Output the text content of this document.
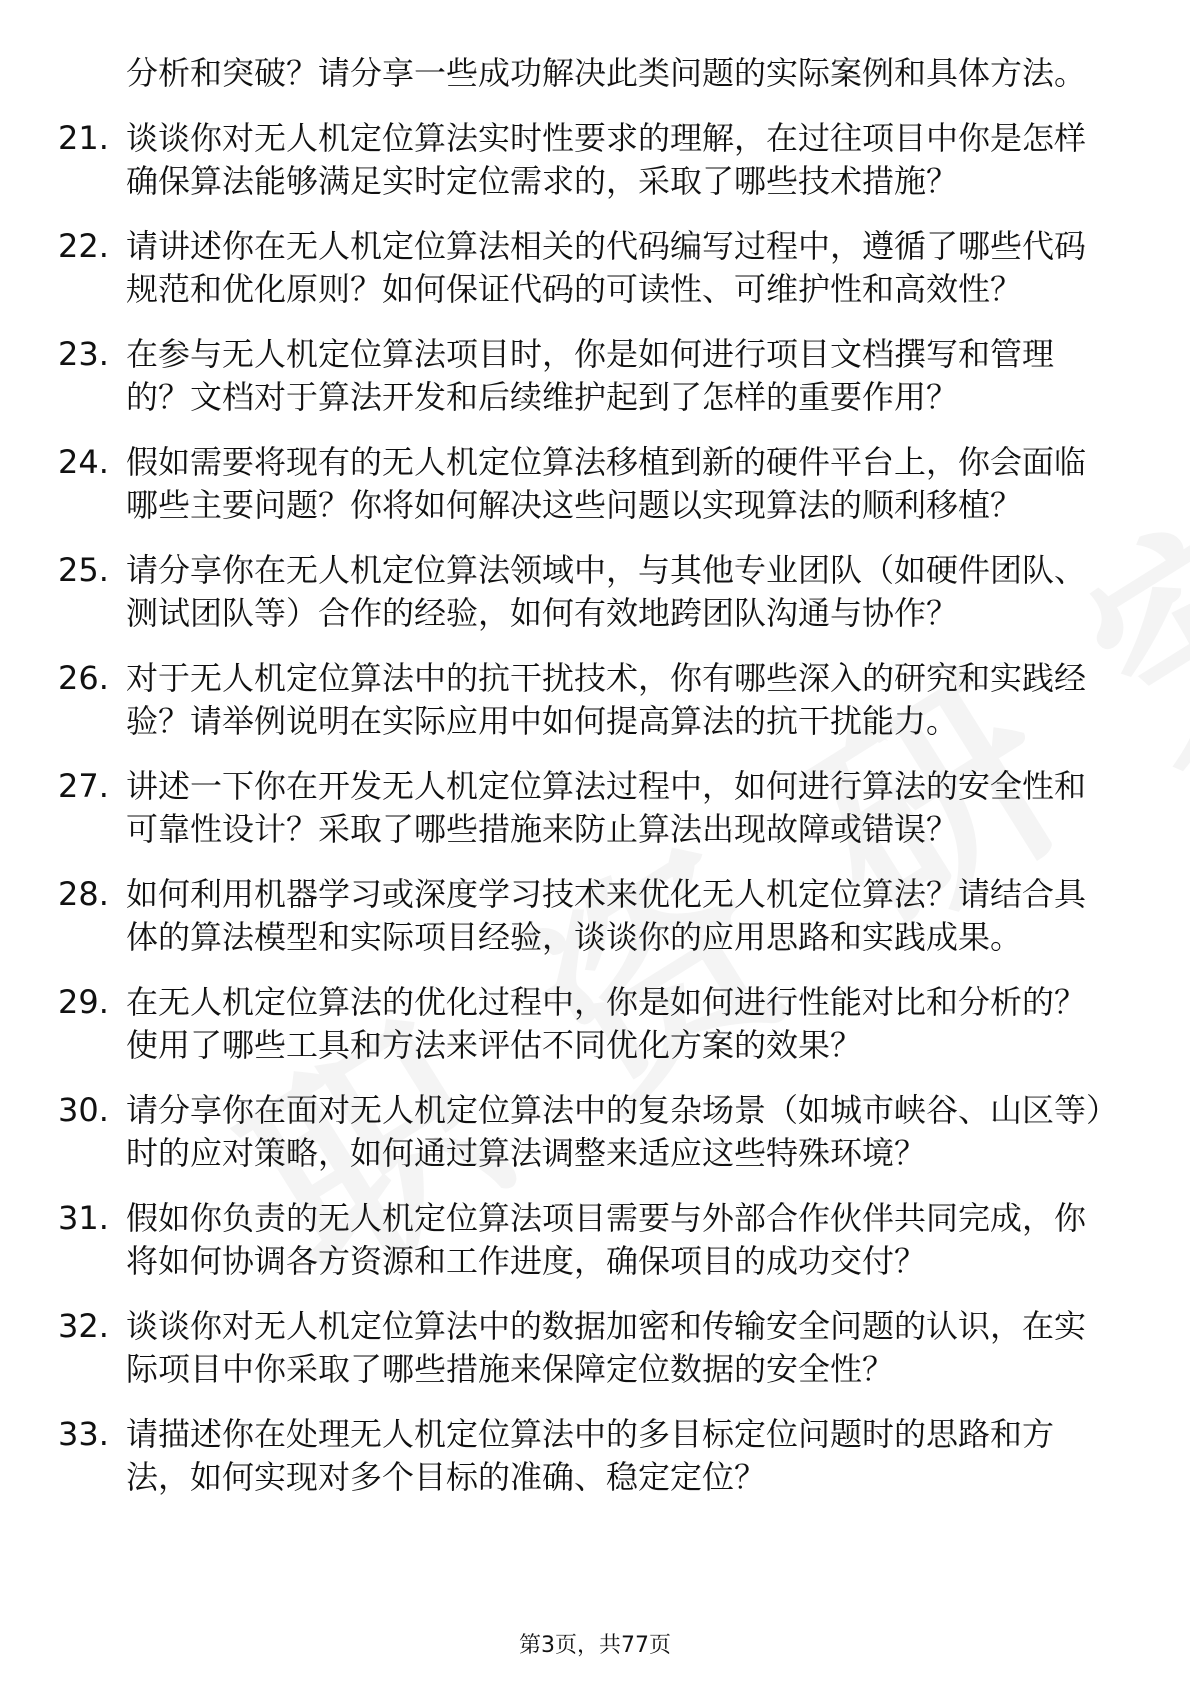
分析和突破？请分享一些成功解决此类问题的实际案例和具体方法。
21. 谈谈你对无人机定位算法实时性要求的理解，在过往项目中你是怎样确保算法能够满足实时定位需求的，采取了哪些技术措施？
22. 请讲述你在无人机定位算法相关的代码编写过程中，遵循了哪些代码规范和优化原则？如何保证代码的可读性、可维护性和高效性？
23. 在参与无人机定位算法项目时，你是如何进行项目文档撰写和管理的？文档对于算法开发和后续维护起到了怎样的重要作用？
24. 假如需要将现有的无人机定位算法移植到新的硬件平台上，你会面临哪些主要问题？你将如何解决这些问题以实现算法的顺利移植？
25. 请分享你在无人机定位算法领域中，与其他专业团队（如硬件团队、测试团队等）合作的经验，如何有效地跨团队沟通与协作？
26. 对于无人机定位算法中的抗干扰技术，你有哪些深入的研究和实践经验？请举例说明在实际应用中如何提高算法的抗干扰能力。
27. 讲述一下你在开发无人机定位算法过程中，如何进行算法的安全性和可靠性设计？采取了哪些措施来防止算法出现故障或错误？
28. 如何利用机器学习或深度学习技术来优化无人机定位算法？请结合具体的算法模型和实际项目经验，谈谈你的应用思路和实践成果。
29. 在无人机定位算法的优化过程中，你是如何进行性能对比和分析的？使用了哪些工具和方法来评估不同优化方案的效果？
30. 请分享你在面对无人机定位算法中的复杂场景（如城市峡谷、山区等）时的应对策略，如何通过算法调整来适应这些特殊环境？
31. 假如你负责的无人机定位算法项目需要与外部合作伙伴共同完成，你将如何协调各方资源和工作进度，确保项目的成功交付？
32. 谈谈你对无人机定位算法中的数据加密和传输安全问题的认识，在实际项目中你采取了哪些措施来保障定位数据的安全性？
33. 请描述你在处理无人机定位算法中的多目标定位问题时的思路和方法，如何实现对多个目标的准确、稳定定位？
第3页，共77页
